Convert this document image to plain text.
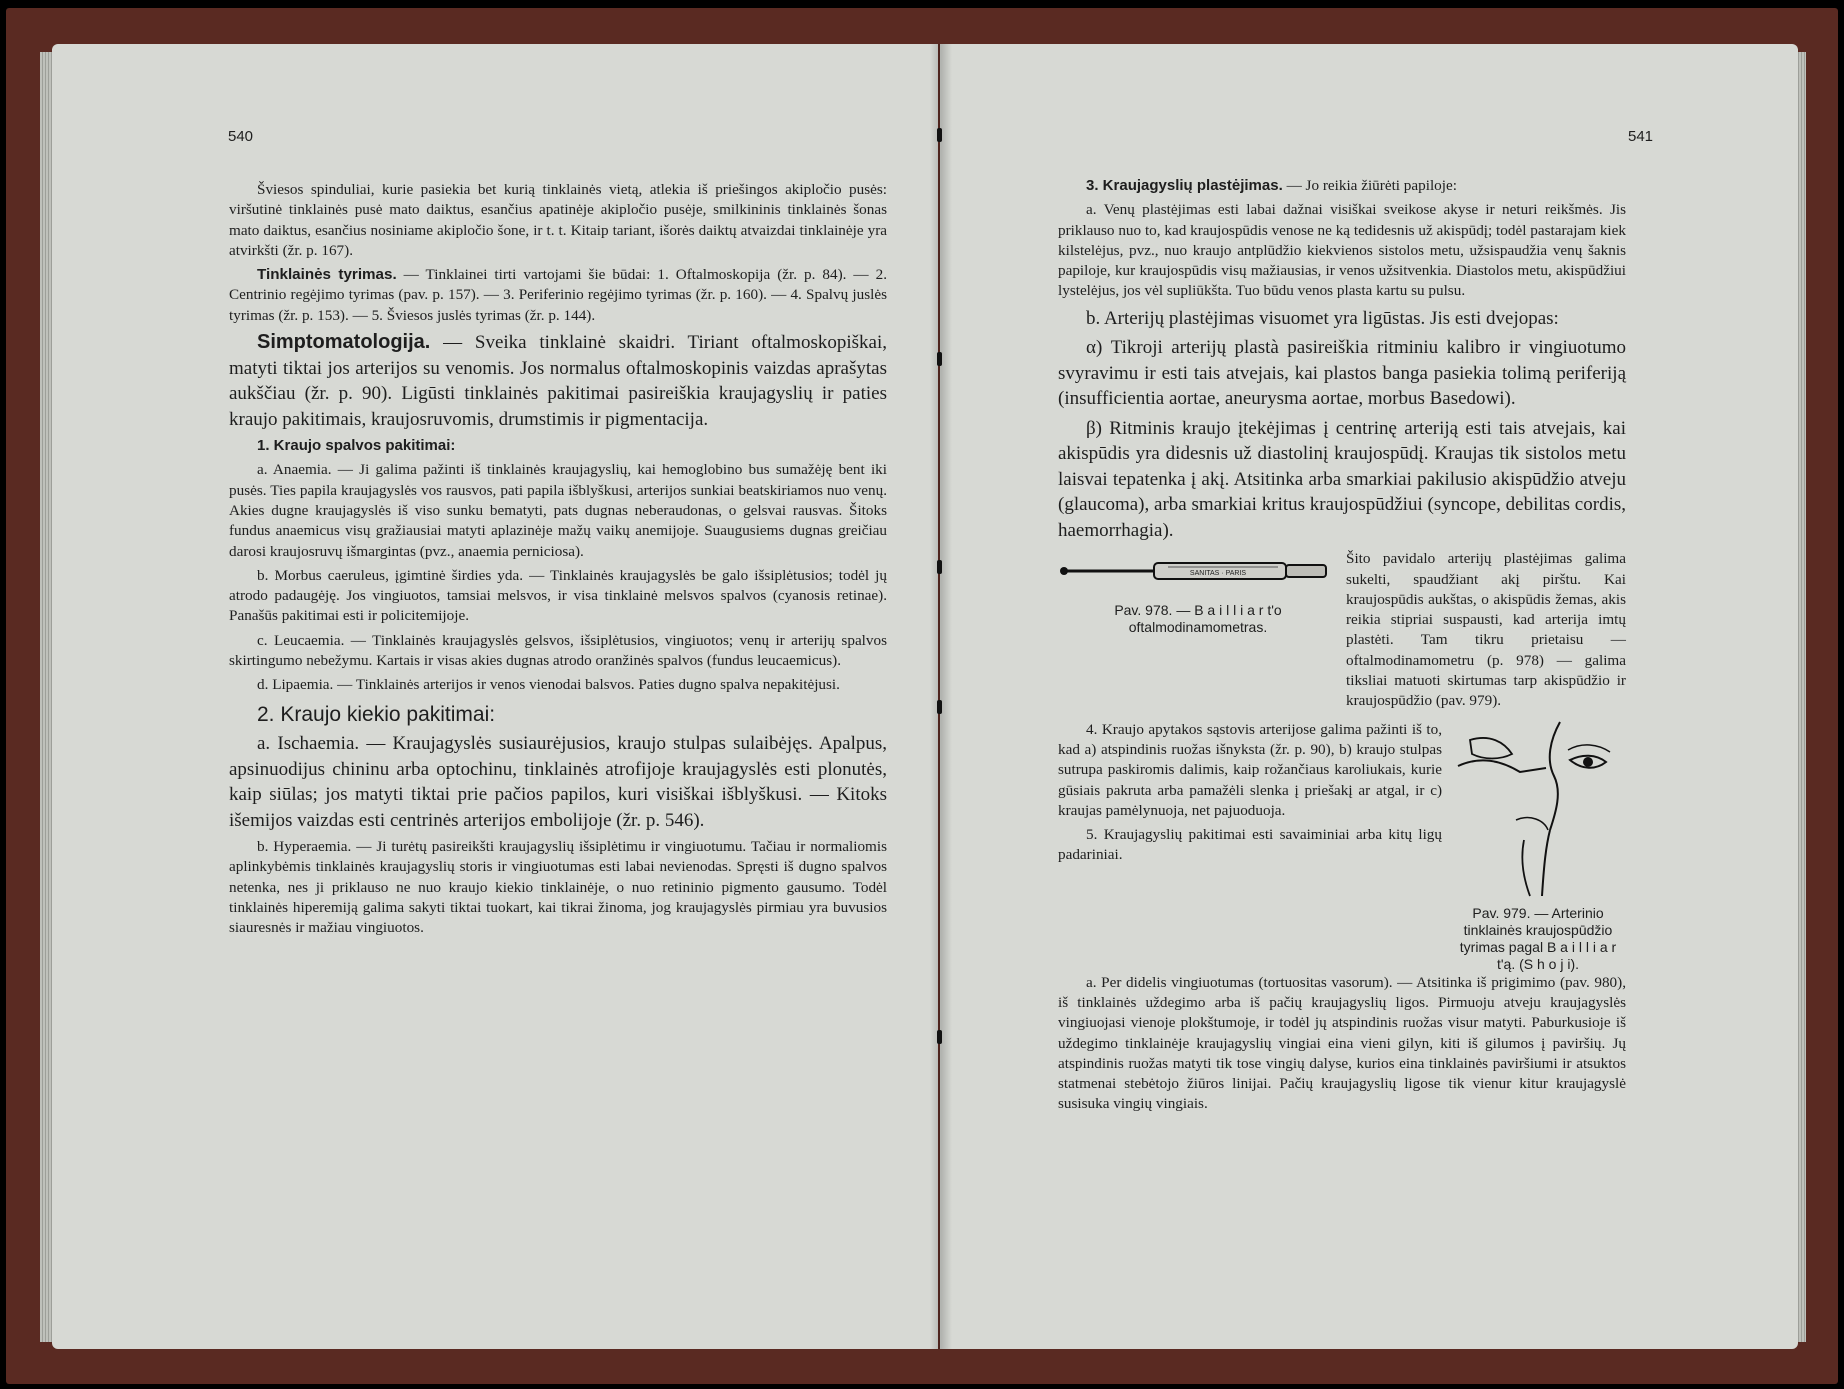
540

Šviesos spinduliai, kurie pasiekia bet kurią tinklainės vietą, atlekia iš priešingos akipločio pusės: viršutinė tinklainės pusė mato daiktus, esančius apatinėje akipločio pusėje, smilkininis tinklainės šonas mato daiktus, esančius nosiniame akipločio šone, ir t. t. Kitaip tariant, išorės daiktų atvaizdai tinklainėje yra atvirkšti (žr. p. 167).

Tinklainės tyrimas. — Tinklainei tirti vartojami šie būdai: 1. Oftalmoskopija (žr. p. 84). — 2. Centrinio regėjimo tyrimas (pav. p. 157). — 3. Periferinio regėjimo tyrimas (žr. p. 160). — 4. Spalvų juslės tyrimas (žr. p. 153). — 5. Šviesos juslės tyrimas (žr. p. 144).

Simptomatologija. — Sveika tinklainė skaidri. Tiriant oftalmoskopiškai, matyti tiktai jos arterijos su venomis. Jos normalus oftalmoskopinis vaizdas aprašytas aukščiau (žr. p. 90). Ligūsti tinklainės pakitimai pasireiškia kraujagyslių ir paties kraujo pakitimais, kraujosruvomis, drumstimis ir pigmentacija.

1. Kraujo spalvos pakitimai:

a. Anaemia. — Ji galima pažinti iš tinklainės kraujagyslių, kai hemoglobino bus sumažėję bent iki pusės. Ties papila kraujagyslės vos rausvos, pati papila išblyškusi, arterijos sunkiai beatskiriamos nuo venų. Akies dugne kraujagyslės iš viso sunku bematyti, pats dugnas neberaudonas, o gelsvai rausvas. Šitoks fundus anaemicus visų gražiausiai matyti aplazinėje mažų vaikų anemijoje. Suaugusiems dugnas greičiau darosi kraujosruvų išmargintas (pvz., anaemia perniciosa).

b. Morbus caeruleus, įgimtinė širdies yda. — Tinklainės kraujagyslės be galo išsiplėtusios; todėl jų atrodo padaugėję. Jos vingiuotos, tamsiai melsvos, ir visa tinklainė melsvos spalvos (cyanosis retinae). Panašūs pakitimai esti ir policitemijoje.

c. Leucaemia. — Tinklainės kraujagyslės gelsvos, išsiplėtusios, vingiuotos; venų ir arterijų spalvos skirtingumo nebežymu. Kartais ir visas akies dugnas atrodo oranžinės spalvos (fundus leucaemicus).

d. Lipaemia. — Tinklainės arterijos ir venos vienodai balsvos. Paties dugno spalva nepakitėjusi.

2. Kraujo kiekio pakitimai:

a. Ischaemia. — Kraujagyslės susiaurėjusios, kraujo stulpas sulaibėjęs. Apalpus, apsinuodijus chininu arba optochinu, tinklainės atrofijoje kraujagyslės esti plonutės, kaip siūlas; jos matyti tiktai prie pačios papilos, kuri visiškai išblyškusi. — Kitoks išemijos vaizdas esti centrinės arterijos embolijoje (žr. p. 546).

b. Hyperaemia. — Ji turėtų pasireikšti kraujagyslių išsiplėtimu ir vingiuotumu. Tačiau ir normaliomis aplinkybėmis tinklainės kraujagyslių storis ir vingiuotumas esti labai nevienodas. Spręsti iš dugno spalvos netenka, nes ji priklauso ne nuo kraujo kiekio tinklainėje, o nuo retininio pigmento gausumo. Todėl tinklainės hiperemiją galima sakyti tiktai tuokart, kai tikrai žinoma, jog kraujagyslės pirmiau yra buvusios siauresnės ir mažiau vingiuotos.

541

3. Kraujagyslių plastėjimas. — Jo reikia žiūrėti papiloje:

a. Venų plastėjimas esti labai dažnai visiškai sveikose akyse ir neturi reikšmės. Jis priklauso nuo to, kad kraujospūdis venose ne ką tedidesnis už akispūdį; todėl pastarajam kiek kilstelėjus, pvz., nuo kraujo antplūdžio kiekvienos sistolos metu, užsispaudžia venų šaknis papiloje, kur kraujospūdis visų mažiausias, ir venos užsitvenkia. Diastolos metu, akispūdžiui lystelėjus, jos vėl supliūkšta. Tuo būdu venos plasta kartu su pulsu.

b. Arterijų plastėjimas visuomet yra ligūstas. Jis esti dvejopas:

α) Tikroji arterijų plastà pasireiškia ritminiu kalibro ir vingiuotumo svyravimu ir esti tais atvejais, kai plastos banga pasiekia tolimą periferiją (insufficientia aortae, aneurysma aortae, morbus Basedowi).

β) Ritminis kraujo įtekėjimas į centrinę arteriją esti tais atvejais, kai akispūdis yra didesnis už diastolinį kraujospūdį. Kraujas tik sistolos metu laisvai tepatenka į akį. Atsitinka arba smarkiai pakilusio akispūdžio atveju (glaucoma), arba smarkiai kritus kraujospūdžiui (syncope, debilitas cordis, haemorrhagia).

SANITAS · PARIS
Pav. 978. — B a i l l i a r t'o oftalmodinamometras.
Šito pavidalo arterijų plastėjimas galima sukelti, spaudžiant akį pirštu. Kai kraujospūdis aukštas, o akispūdis žemas, akis reikia stipriai suspausti, kad arterija imtų plastėti. Tam tikru prietaisu — oftalmodinamometru (p. 978) — galima tiksliai matuoti skirtumas tarp akispūdžio ir kraujospūdžio (pav. 979).

4. Kraujo apytakos sąstovis arterijose galima pažinti iš to, kad a) atspindinis ruožas išnyksta (žr. p. 90), b) kraujo stulpas sutrupa paskiromis dalimis, kaip rožančiaus karoliukais, kurie gūsiais pakruta arba pamažėli slenka į priešakį ar atgal, ir c) kraujas pamėlynuoja, net pajuoduoja.

5. Kraujagyslių pakitimai esti savaiminiai arba kitų ligų padariniai.

Pav. 979. — Arterinio tinklainės kraujospūdžio tyrimas pagal B a i l l i a r t'ą. (S h o j i).

a. Per didelis vingiuotumas (tortuositas vasorum). — Atsitinka iš prigimimo (pav. 980), iš tinklainės uždegimo arba iš pačių kraujagyslių ligos. Pirmuoju atveju kraujagyslės vingiuojasi vienoje plokštumoje, ir todėl jų atspindinis ruožas visur matyti. Paburkusioje iš uždegimo tinklainėje kraujagyslių vingiai eina vieni gilyn, kiti iš gilumos į paviršių. Jų atspindinis ruožas matyti tik tose vingių dalyse, kurios eina tinklainės paviršiumi ir atsuktos statmenai stebėtojo žiūros linijai. Pačių kraujagyslių ligose tik vienur kitur kraujagyslė susisuka vingių vingiais.
